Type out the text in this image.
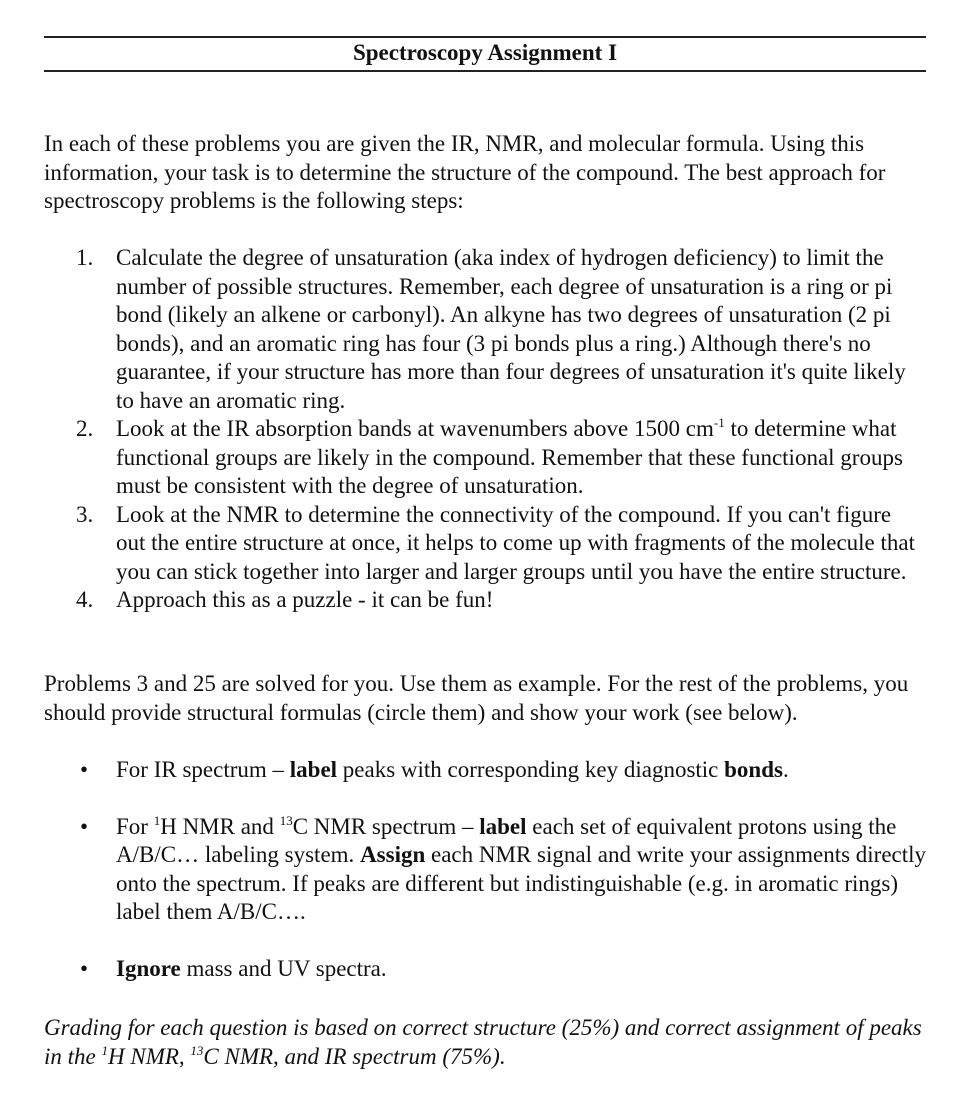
Spectroscopy Assignment I

In each of these problems you are given the IR, NMR, and molecular formula. Using this information, your task is to determine the structure of the compound. The best approach for spectroscopy problems is the following steps:

1. Calculate the degree of unsaturation (aka index of hydrogen deficiency) to limit the number of possible structures. Remember, each degree of unsaturation is a ring or pi bond (likely an alkene or carbonyl). An alkyne has two degrees of unsaturation (2 pi bonds), and an aromatic ring has four (3 pi bonds plus a ring.) Although there's no guarantee, if your structure has more than four degrees of unsaturation it's quite likely to have an aromatic ring.
2. Look at the IR absorption bands at wavenumbers above 1500 $cm^{-1}$ to determine what functional groups are likely in the compound. Remember that these functional groups must be consistent with the degree of unsaturation.
3. Look at the NMR to determine the connectivity of the compound. If you can't figure out the entire structure at once, it helps to come up with fragments of the molecule that you can stick together into larger and larger groups until you have the entire structure.
4. Approach this as a puzzle - it can be fun!

Problems 3 and 25 are solved for you. Use them as example. For the rest of the problems, you should provide structural formulas (circle them) and show your work (see below).

• For IR spectrum – label peaks with corresponding key diagnostic bonds.
• For $^1$H NMR and $^{13}$C NMR spectrum – label each set of equivalent protons using the A/B/C… labeling system. Assign each NMR signal and write your assignments directly onto the spectrum. If peaks are different but indistinguishable (e.g. in aromatic rings) label them A/B/C….
• Ignore mass and UV spectra.

Grading for each question is based on correct structure (25%) and correct assignment of peaks in the $^1$H NMR, $^{13}$C NMR, and IR spectrum (75%).
